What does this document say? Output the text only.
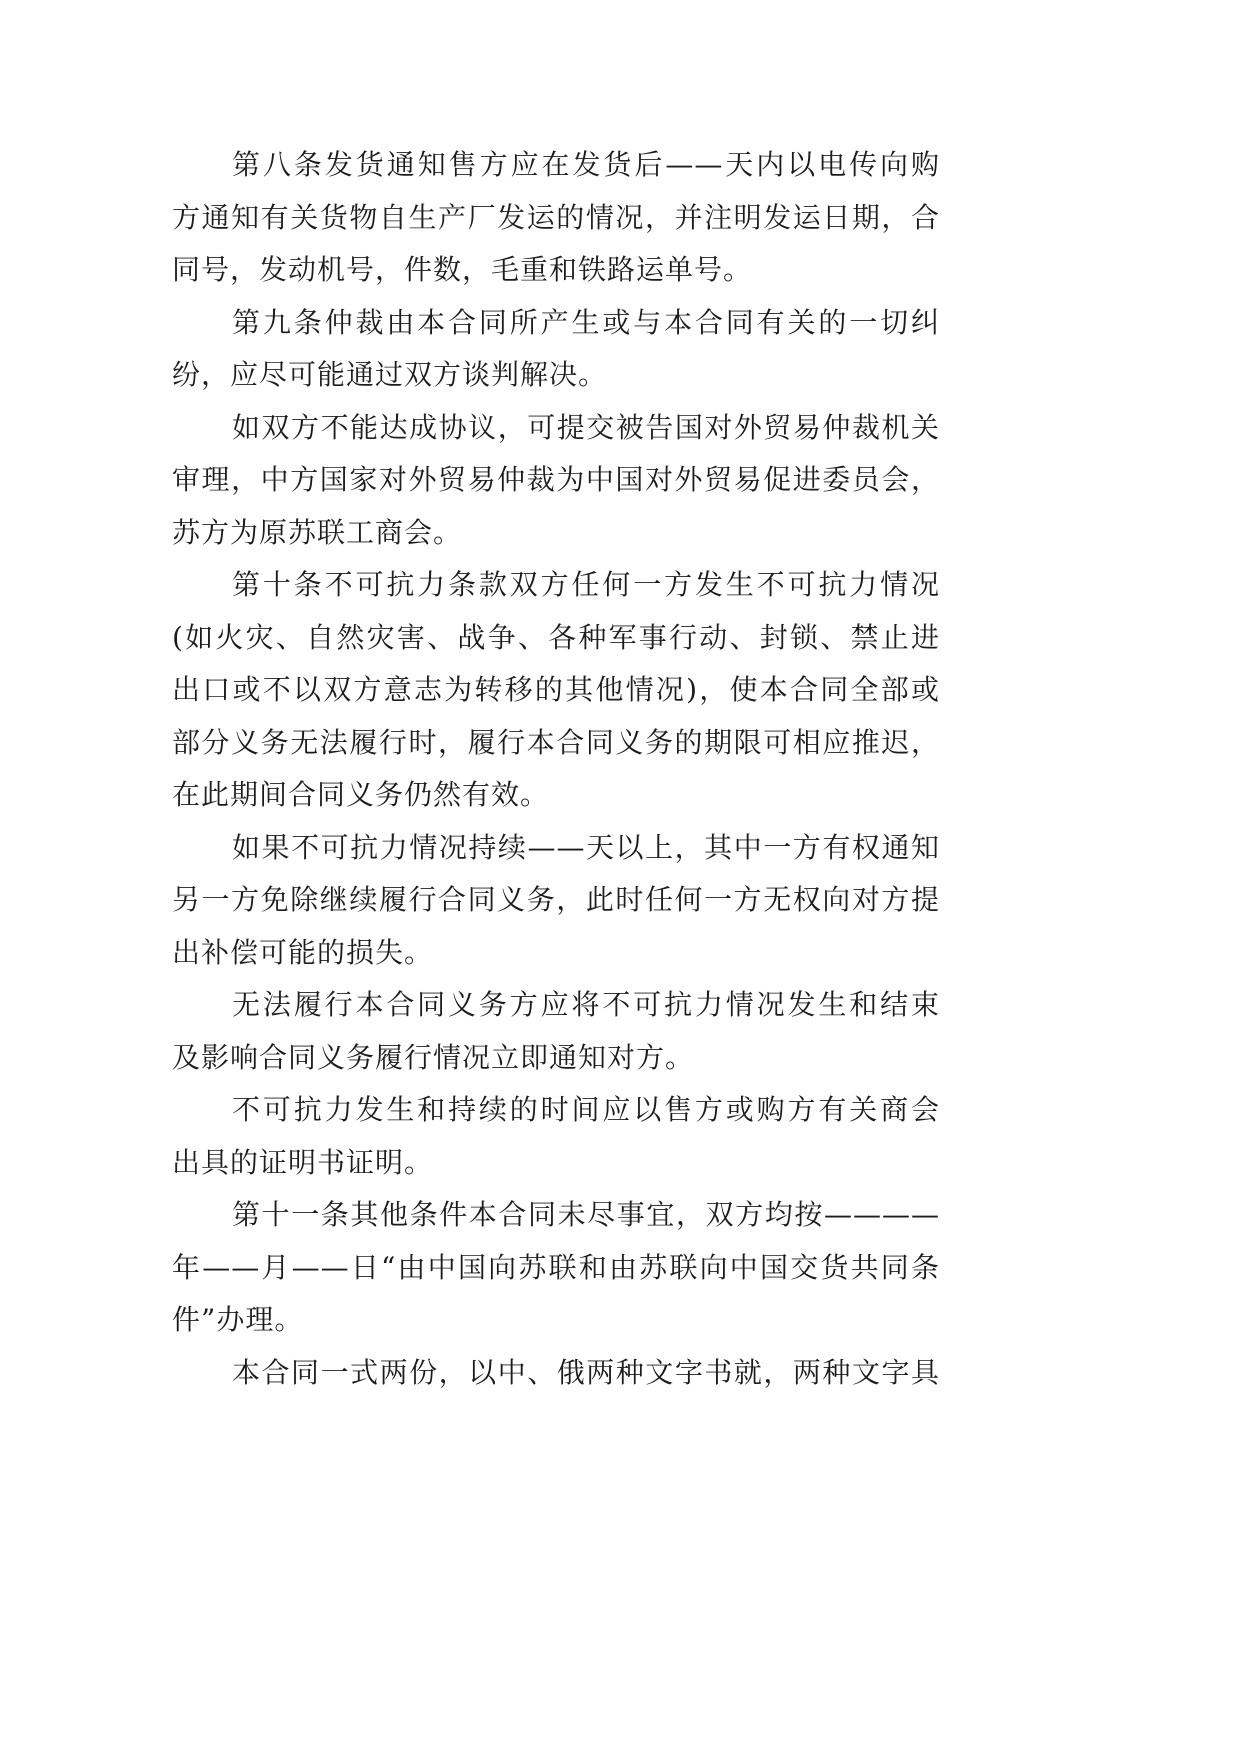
第八条发货通知售方应在发货后——天内以电传向购
方通知有关货物自生产厂发运的情况，并注明发运日期，合
同号，发动机号，件数，毛重和铁路运单号。
第九条仲裁由本合同所产生或与本合同有关的一切纠
纷，应尽可能通过双方谈判解决。
如双方不能达成协议，可提交被告国对外贸易仲裁机关
审理，中方国家对外贸易仲裁为中国对外贸易促进委员会，
苏方为原苏联工商会。
第十条不可抗力条款双方任何一方发生不可抗力情况
(如火灾、自然灾害、战争、各种军事行动、封锁、禁止进
出口或不以双方意志为转移的其他情况)，使本合同全部或
部分义务无法履行时，履行本合同义务的期限可相应推迟，
在此期间合同义务仍然有效。
如果不可抗力情况持续——天以上，其中一方有权通知
另一方免除继续履行合同义务，此时任何一方无权向对方提
出补偿可能的损失。
无法履行本合同义务方应将不可抗力情况发生和结束
及影响合同义务履行情况立即通知对方。
不可抗力发生和持续的时间应以售方或购方有关商会
出具的证明书证明。
第十一条其他条件本合同未尽事宜，双方均按————
年——月——日“由中国向苏联和由苏联向中国交货共同条
件”办理。
本合同一式两份，以中、俄两种文字书就，两种文字具
